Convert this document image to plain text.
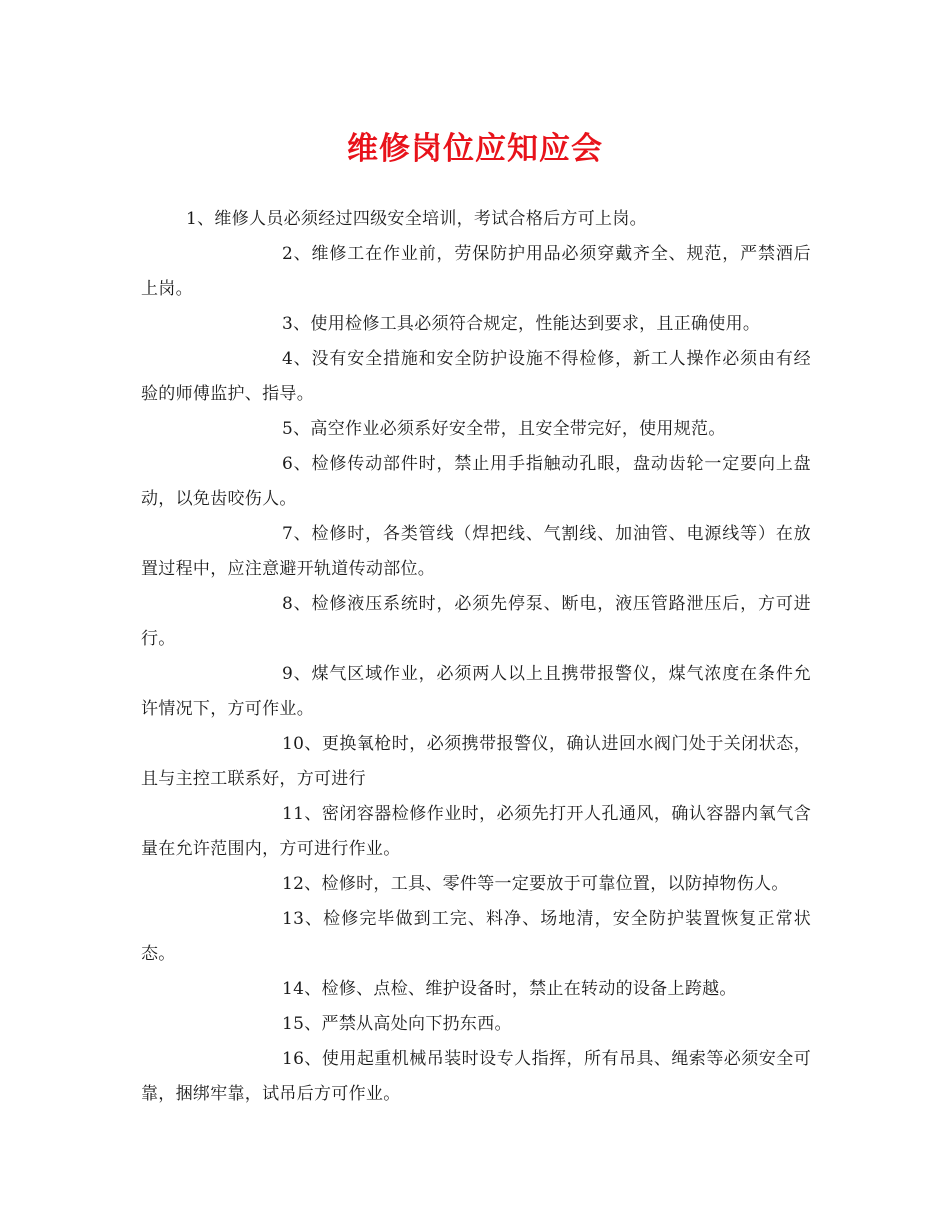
维修岗位应知应会

1、维修人员必须经过四级安全培训，考试合格后方可上岗。

2、维修工在作业前，劳保防护用品必须穿戴齐全、规范，严禁酒后上岗。

3、使用检修工具必须符合规定，性能达到要求，且正确使用。

4、没有安全措施和安全防护设施不得检修，新工人操作必须由有经验的师傅监护、指导。

5、高空作业必须系好安全带，且安全带完好，使用规范。

6、检修传动部件时，禁止用手指触动孔眼，盘动齿轮一定要向上盘动，以免齿咬伤人。

7、检修时，各类管线（焊把线、气割线、加油管、电源线等）在放置过程中，应注意避开轨道传动部位。

8、检修液压系统时，必须先停泵、断电，液压管路泄压后，方可进行。

9、煤气区域作业，必须两人以上且携带报警仪，煤气浓度在条件允许情况下，方可作业。

10、更换氧枪时，必须携带报警仪，确认进回水阀门处于关闭状态，且与主控工联系好，方可进行

11、密闭容器检修作业时，必须先打开人孔通风，确认容器内氧气含量在允许范围内，方可进行作业。

12、检修时，工具、零件等一定要放于可靠位置，以防掉物伤人。

13、检修完毕做到工完、料净、场地清，安全防护装置恢复正常状态。

14、检修、点检、维护设备时，禁止在转动的设备上跨越。

15、严禁从高处向下扔东西。

16、使用起重机械吊装时设专人指挥，所有吊具、绳索等必须安全可靠，捆绑牢靠，试吊后方可作业。
